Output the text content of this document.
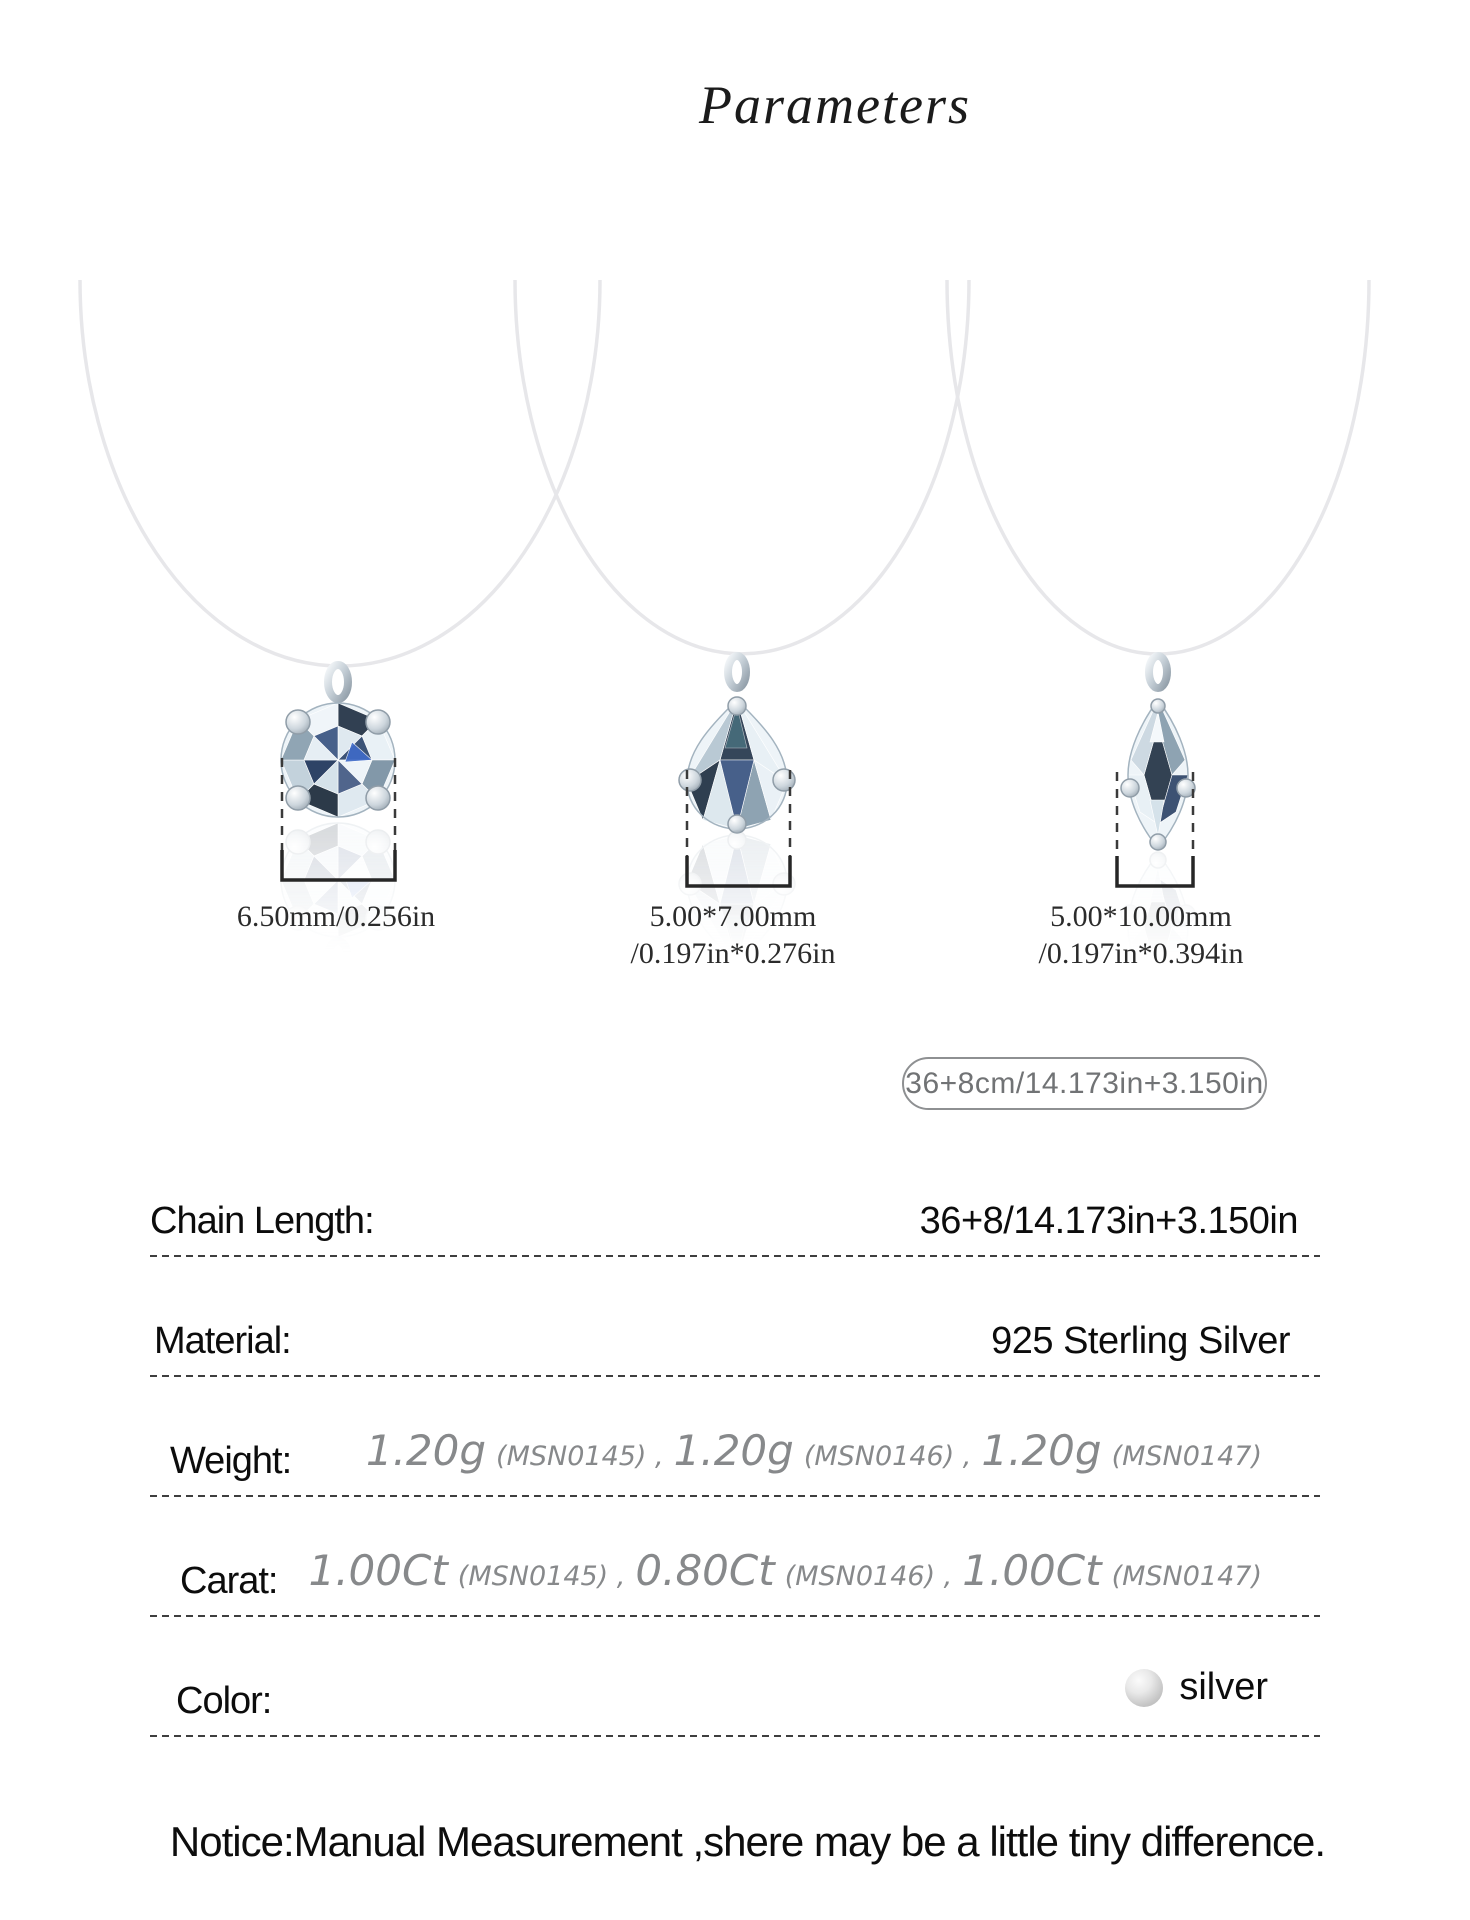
Parameters
6.50mm/0.256in	5.00*7.00mm
/0.197in*0.276in
5.00*10.00mm
/0.197in*0.394in
36+8cm/14.173in+3.150in
Chain Length:	36+8/14.173in+3.150in
Material:	925 Sterling Silver
Weight: 1.20g (MSN0145) , 1.20g (MSN0146) , 1.20g (MSN0147)
Carat: 1.00Ct (MSN0145) , 0.80Ct (MSN0146) , 1.00Ct (MSN0147)
Color:	silver
Notice:Manual Measurement ,shere may be a little tiny difference.
